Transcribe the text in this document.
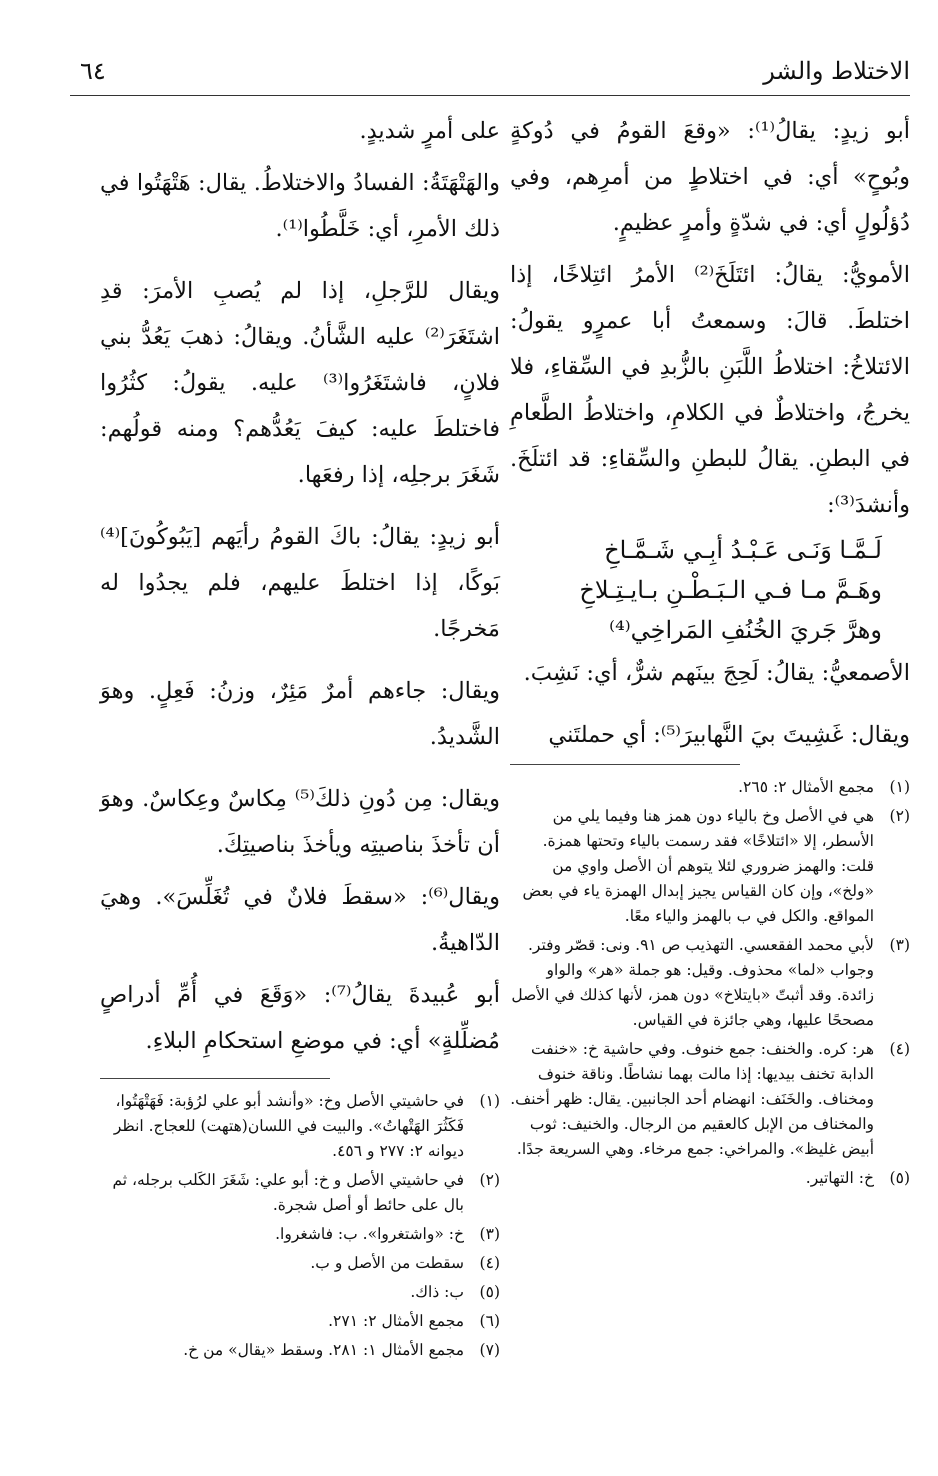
الاختلاط والشر
٦٤

أبو زيدٍ: يقالُ⁽¹⁾: «وقعَ القومُ في دُوكةٍ وبُوحٍ» أي: في اختلاطٍ من أمرِهم، وفي دُؤلُولٍ أي: في شدّةٍ وأمرٍ عظيمٍ.

الأمويُّ: يقالُ: ائتَلَخَ⁽²⁾ الأمرُ ائتِلاخًا، إذا اختلطَ. قالَ: وسمعتُ أبا عمرٍو يقولُ: الائتلاخُ: اختلاطُ اللَّبَنِ بالزُّبدِ في السِّقاءِ، فلا يخرجُ، واختلاطٌ في الكلامِ، واختلاطُ الطَّعامِ في البطنِ. يقالُ للبطنِ والسِّقاءِ: قد ائتلَخَ. وأنشدَ⁽³⁾:

لَـمَّـا وَنَـى عَـبْـدُ أبِـي شَـمَّـاخِ
وهَـمَّ مـا فـي الـبَـطْـنِ بـايـتِـلاخِ
وهرَّ جَريَ الخُنُفِ المَراخِي⁽⁴⁾

الأصمعيُّ: يقالُ: لَحِجَ بينَهم شرٌّ، أي: نَشِبَ.

ويقال: غَشِيتَ بيَ النَّهابيرَ⁽⁵⁾: أي حملتَني

(١)
مجمع الأمثال ٢: ٢٦٥.
(٢)
هي في الأصل وخ بالياء دون همز هنا وفيما يلي من الأسطر، إلا «ائتلاخًا» فقد رسمت بالياء وتحتها همزة. قلت: والهمز ضروري لئلا يتوهم أن الأصل واوي من «ولخ»، وإن كان القياس يجيز إبدال الهمزة ياء في بعض المواقع. والكل في ب بالهمز والياء معًا.
(٣)
لأبي محمد الفقعسي. التهذيب ص ٩١. ونى: قصّر وفتر. وجواب «لما» محذوف. وقيل: هو جملة «هر» والواو زائدة. وقد أثبتّ «بايتلاخ» دون همز، لأنها كذلك في الأصل مصححًا عليها، وهي جائزة في القياس.
(٤)
هر: كره. والخنف: جمع خنوف. وفي حاشية خ: «خنفت الدابة تخنف بيديها: إذا مالت بهما نشاطًا. وناقة خنوف ومخناف. والخَنَف: انهضام أحد الجانبين. يقال: ظهر أخنف. والمخناف من الإبل كالعقيم من الرجال. والخنيف: ثوب أبيض غليظ». والمراخي: جمع مرخاء. وهي السريعة جدًا.
(٥)
خ: التهاتير.

على أمرٍ شديدٍ.

والهَتْهَتَةُ: الفسادُ والاختلاطُ. يقال: هَتْهَتُوا في ذلك الأمرِ، أي: خَلَّطُوا⁽¹⁾.

ويقال للرَّجلِ، إذا لم يُصبِ الأمرَ: قدِ اشتَغَرَ⁽²⁾ عليه الشَّأنُ. ويقالُ: ذهبَ يَعُدُّ بني فلانٍ، فاشتَغَرُوا⁽³⁾ عليه. يقولُ: كثُرُوا فاختلطَ عليه: كيفَ يَعُدُّهم؟ ومنه قولُهم: شَغَرَ برجلِه، إذا رفعَها.

أبو زيدٍ: يقالُ: باكَ القومُ رأيَهم [يَبُوكُونَ]⁽⁴⁾ بَوكًا، إذا اختلطَ عليهم، فلم يجدُوا له مَخرجًا.

ويقال: جاءهم أمرٌ مَئِرٌ، وزنُ: فَعِلٍ. وهوَ الشَّديدُ.

ويقال: مِن دُونِ ذلكَ⁽⁵⁾ مِكاسٌ وعِكاسٌ. وهوَ أن تأخذَ بناصيتِه ويأخذَ بناصيتِكَ.

ويقال⁽⁶⁾: «سقطَ فلانٌ في تُغَلِّسَ». وهيَ الدّاهيةُ.

أبو عُبيدةَ يقالُ⁽⁷⁾: «وَقَعَ في أُمِّ أدراصٍ مُضلِّلةٍ» أي: في موضعِ استحكامِ البلاءِ.

(١)
في حاشيتي الأصل وخ: «وأنشد أبو علي لرُؤبة: فَهَتْهَتُوا، فَكَثُرَ الهَتْهاتُ». والبيت في اللسان(هتهت) للعجاج. انظر ديوانه ٢: ٢٧٧ و ٤٥٦.
(٢)
في حاشيتي الأصل و خ: أبو علي: شَغَرَ الكَلب برجله، ثم بال على حائط أو أصل شجرة.
(٣)
خ: «واشتغروا». ب: فاشغروا.
(٤)
سقطت من الأصل و ب.
(٥)
ب: ذاك.
(٦)
مجمع الأمثال ٢: ٢٧١.
(٧)
مجمع الأمثال ١: ٢٨١. وسقط «يقال» من خ.
